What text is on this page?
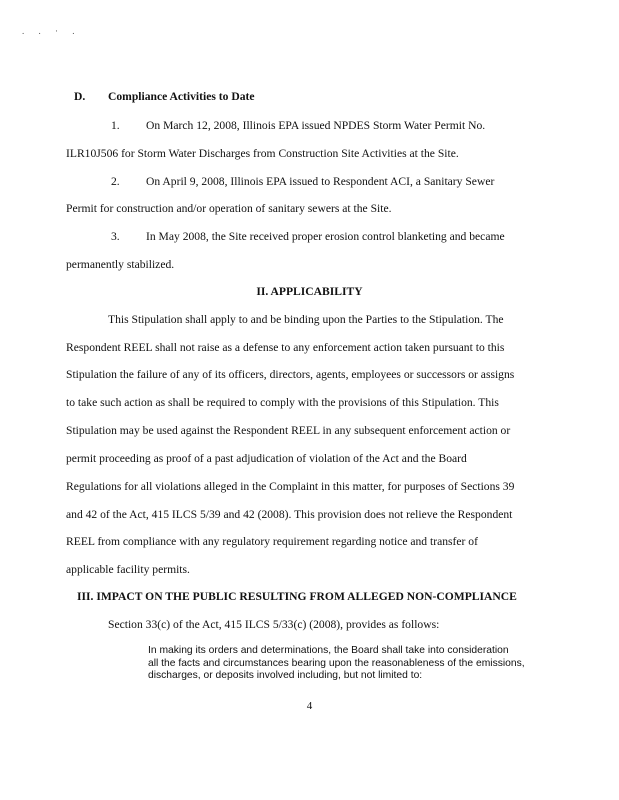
. . · .
D. Compliance Activities to Date
1. On March 12, 2008, Illinois EPA issued NPDES Storm Water Permit No.
ILR10J506 for Storm Water Discharges from Construction Site Activities at the Site.
2. On April 9, 2008, Illinois EPA issued to Respondent ACI, a Sanitary Sewer
Permit for construction and/or operation of sanitary sewers at the Site.
3. In May 2008, the Site received proper erosion control blanketing and became
permanently stabilized.
II. APPLICABILITY
This Stipulation shall apply to and be binding upon the Parties to the Stipulation. The
Respondent REEL shall not raise as a defense to any enforcement action taken pursuant to this
Stipulation the failure of any of its officers, directors, agents, employees or successors or assigns
to take such action as shall be required to comply with the provisions of this Stipulation. This
Stipulation may be used against the Respondent REEL in any subsequent enforcement action or
permit proceeding as proof of a past adjudication of violation of the Act and the Board
Regulations for all violations alleged in the Complaint in this matter, for purposes of Sections 39
and 42 of the Act, 415 ILCS 5/39 and 42 (2008). This provision does not relieve the Respondent
REEL from compliance with any regulatory requirement regarding notice and transfer of
applicable facility permits.
III. IMPACT ON THE PUBLIC RESULTING FROM ALLEGED NON-COMPLIANCE
Section 33(c) of the Act, 415 ILCS 5/33(c) (2008), provides as follows:
In making its orders and determinations, the Board shall take into consideration
all the facts and circumstances bearing upon the reasonableness of the emissions,
discharges, or deposits involved including, but not limited to:
4
